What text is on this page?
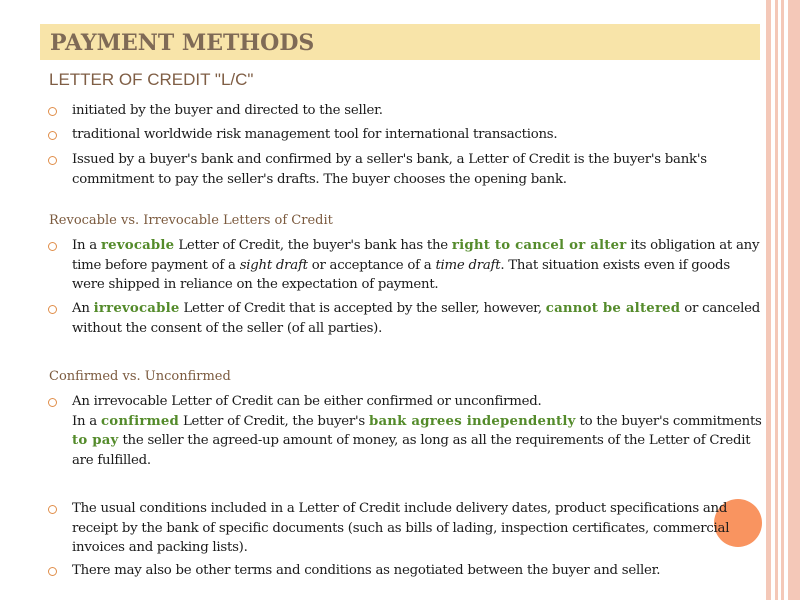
PAYMENT METHODS
LETTER OF CREDIT "L/C"

initiated by the buyer and directed to the seller.

traditional worldwide risk management tool for international transactions.

Issued by a buyer's bank and confirmed by a seller's bank, a Letter of Credit is the buyer's bank's commitment to pay the seller's drafts. The buyer chooses the opening bank.

Revocable vs. Irrevocable Letters of Credit

In a revocable Letter of Credit, the buyer's bank has the right to cancel or alter its obligation at any time before payment of a sight draft or acceptance of a time draft. That situation exists even if goods were shipped in reliance on the expectation of payment.

An irrevocable Letter of Credit that is accepted by the seller, however, cannot be altered or canceled without the consent of the seller (of all parties).

Confirmed vs. Unconfirmed

An irrevocable Letter of Credit can be either confirmed or unconfirmed.
In a confirmed Letter of Credit, the buyer's bank agrees independently to the buyer's commitments to pay the seller the agreed-up amount of money, as long as all the requirements of the Letter of Credit are fulfilled.

The usual conditions included in a Letter of Credit include delivery dates, product specifications and receipt by the bank of specific documents (such as bills of lading, inspection certificates, commercial invoices and packing lists).

There may also be other terms and conditions as negotiated between the buyer and seller.
